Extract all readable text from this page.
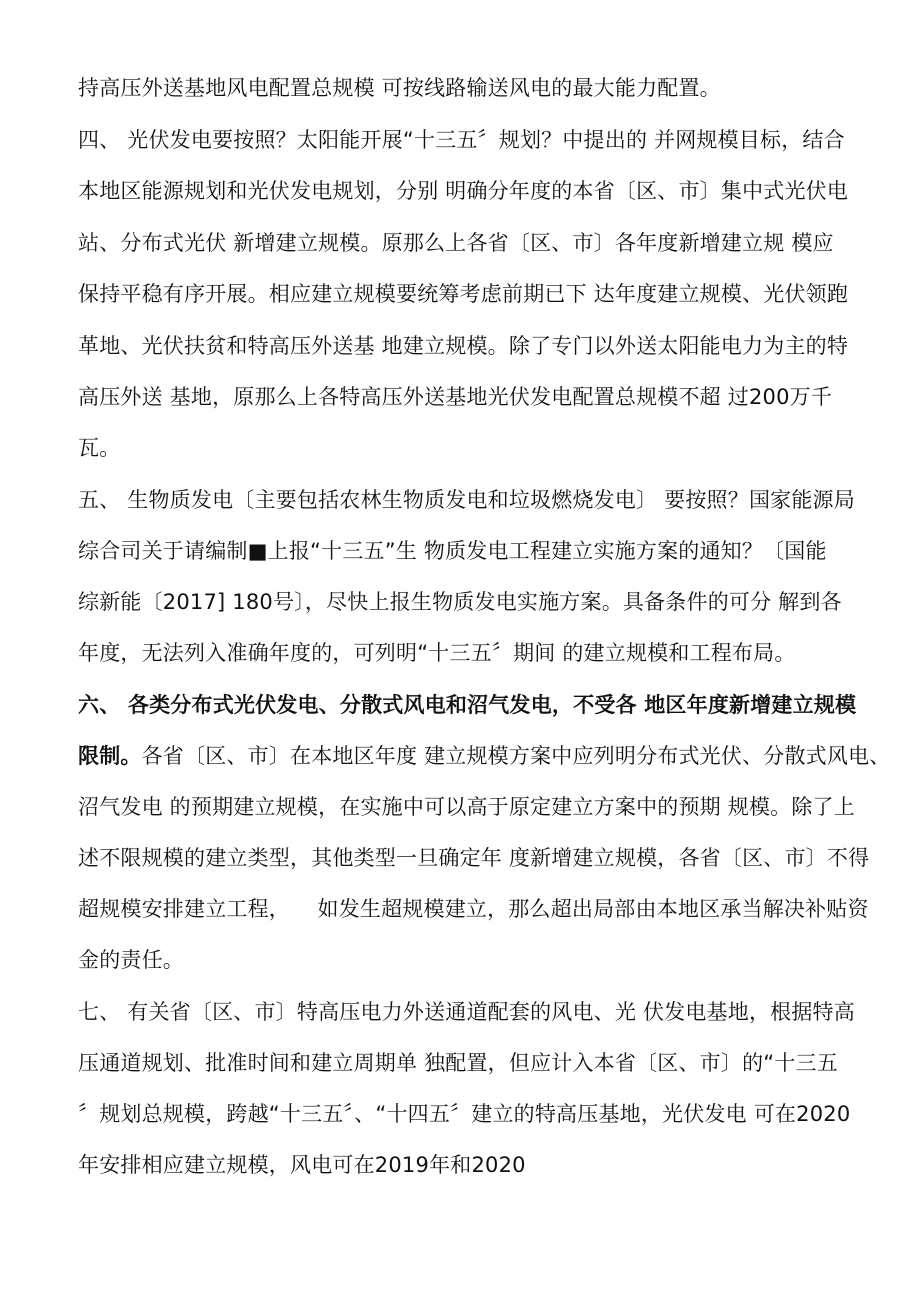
持高压外送基地风电配置总规模 可按线路输送风电的最大能力配置。
四、 光伏发电要按照？太阳能开展“十三五〞规划？中提出的 并网规模目标，结合
本地区能源规划和光伏发电规划，分别 明确分年度的本省〔区、市〕集中式光伏电
站、分布式光伏 新增建立规模。原那么上各省〔区、市〕各年度新增建立规 模应
保持平稳有序开展。相应建立规模要统筹考虑前期已下 达年度建立规模、光伏领跑
革地、光伏扶贫和特高压外送基 地建立规模。除了专门以外送太阳能电力为主的特
高压外送 基地，原那么上各特高压外送基地光伏发电配置总规模不超 过200万千
瓦。
五、 生物质发电〔主要包括农林生物质发电和垃圾燃烧发电〕 要按照？国家能源局
综合司关于请编制■上报“十三五”生 物质发电工程建立实施方案的通知？〔国能
综新能〔2017] 180号〕，尽快上报生物质发电实施方案。具备条件的可分 解到各
年度，无法列入准确年度的，可列明“十三五〞期间 的建立规模和工程布局。
六、 各类分布式光伏发电、分散式风电和沼气发电，不受各 地区年度新增建立规模
限制。各省〔区、市〕在本地区年度 建立规模方案中应列明分布式光伏、分散式风电、
沼气发电 的预期建立规模，在实施中可以高于原定建立方案中的预期 规模。除了上
述不限规模的建立类型，其他类型一旦确定年 度新增建立规模，各省〔区、市〕不得
超规模安排建立工程，    如发生超规模建立，那么超出局部由本地区承当解决补贴资
金的责任。
七、 有关省〔区、市〕特高压电力外送通道配套的风电、光 伏发电基地，根据特高
压通道规划、批准时间和建立周期单 独配置，但应计入本省〔区、市〕的“十三五
〞规划总规模，跨越“十三五〞、“十四五〞建立的特高压基地，光伏发电 可在2020
年安排相应建立规模，风电可在2019年和2020
